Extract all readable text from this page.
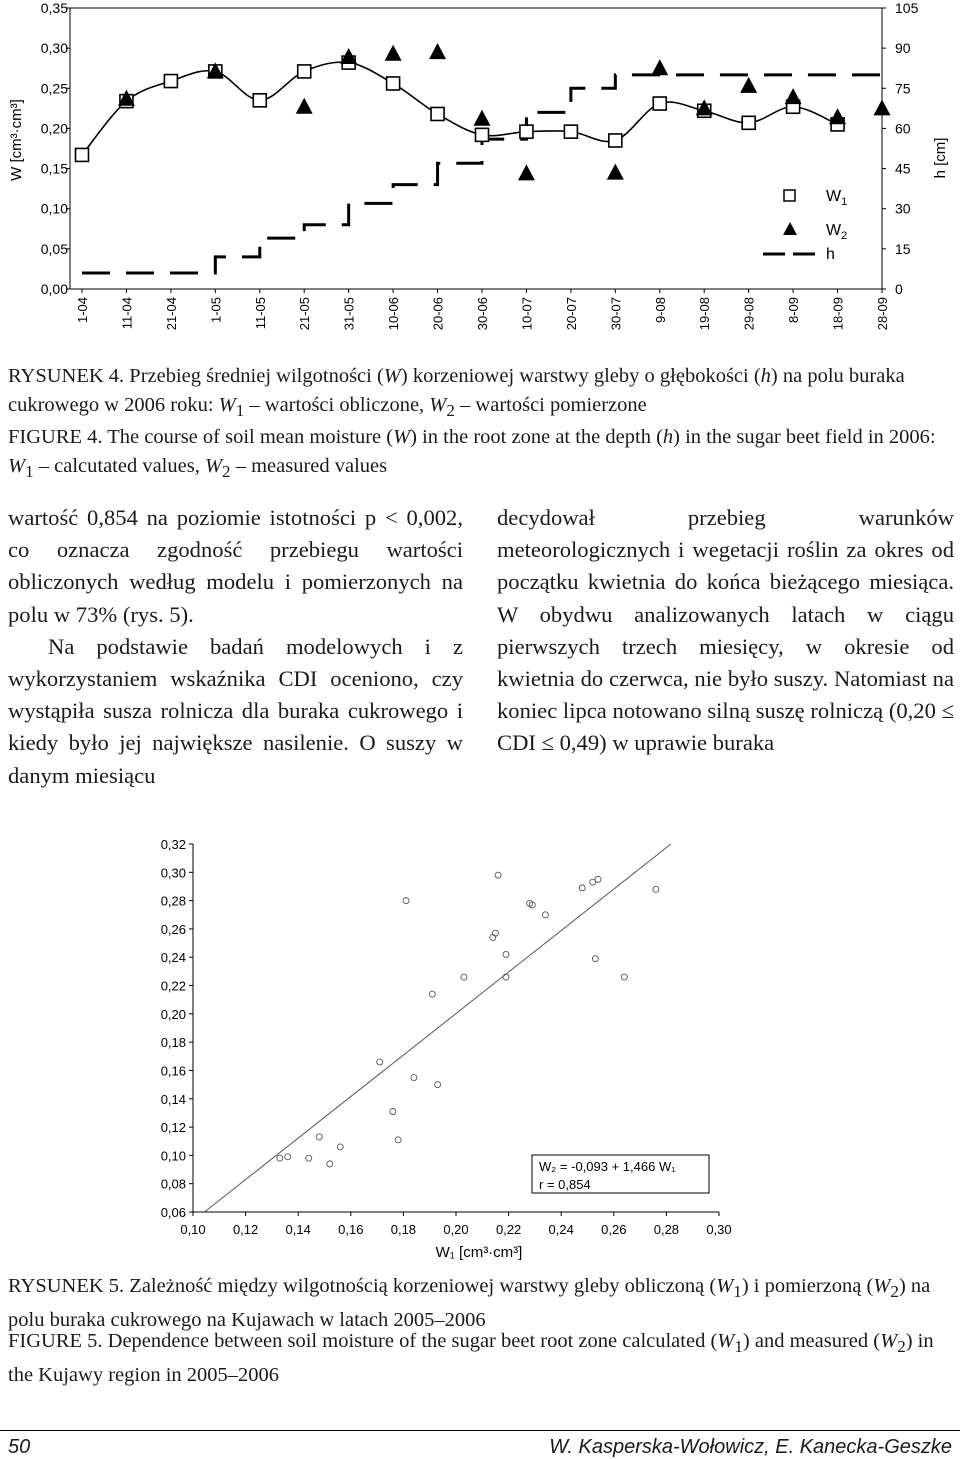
0,00
0,05
0,10
0,15
0,20
0,25
0,30
0,35
0
15
30
45
60
75
90
105
1-04 11-04 21-04 1-05 11-05 21-05 31-05 10-06 20-06 30-06 10-07 20-07 30-07 9-08 19-08 29-08 8-09 18-09 28-09
W [cm³·cm³]	h [cm]
$W_1$
$W_2$
h
RYSUNEK 4. Przebieg średniej wilgotności (W) korzeniowej warstwy gleby o głębokości (h) na polu buraka cukrowego w 2006 roku: $W_1$ – wartości obliczone, $W_2$ – wartości pomierzone
FIGURE 4. The course of soil mean moisture (W) in the root zone at the depth (h) in the sugar beet field in 2006: $W_1$ – calcutated values, $W_2$ – measured values

wartość 0,854 na poziomie istotności p < 0,002, co oznacza zgodność przebiegu wartości obliczonych według modelu i pomierzonych na polu w 73% (rys. 5).

Na podstawie badań modelowych i z wykorzystaniem wskaźnika CDI oceniono, czy wystąpiła susza rolnicza dla buraka cukrowego i kiedy było jej największe nasilenie. O suszy w danym miesiącu

decydował przebieg warunków meteorologicznych i wegetacji roślin za okres od początku kwietnia do końca bieżącego miesiąca. W obydwu analizowanych latach w ciągu pierwszych trzech miesięcy, w okresie od kwietnia do czerwca, nie było suszy. Natomiast na koniec lipca notowano silną suszę rolniczą (0,20 ≤ CDI ≤ 0,49) w uprawie buraka

0,06
0,08
0,10
0,12
0,14
0,16
0,18
0,20
0,22
0,24
0,26
0,28
0,30
0,32
0,10 0,12 0,14 0,16 0,18 0,20 0,22 0,24 0,26 0,28 0,30
W₁ [cm³·cm³]
W₂ = -0,093 + 1,466 W₁
r = 0,854
RYSUNEK 5. Zależność między wilgotnością korzeniowej warstwy gleby obliczoną $(W_1)$ i pomierzoną $(W_2)$ na polu buraka cukrowego na Kujawach w latach 2005–2006
FIGURE 5. Dependence between soil moisture of the sugar beet root zone calculated $(W_1)$ and measured $(W_2)$ in the Kujawy region in 2005–2006
50	W. Kasperska-Wołowicz, E. Kanecka-Geszke
